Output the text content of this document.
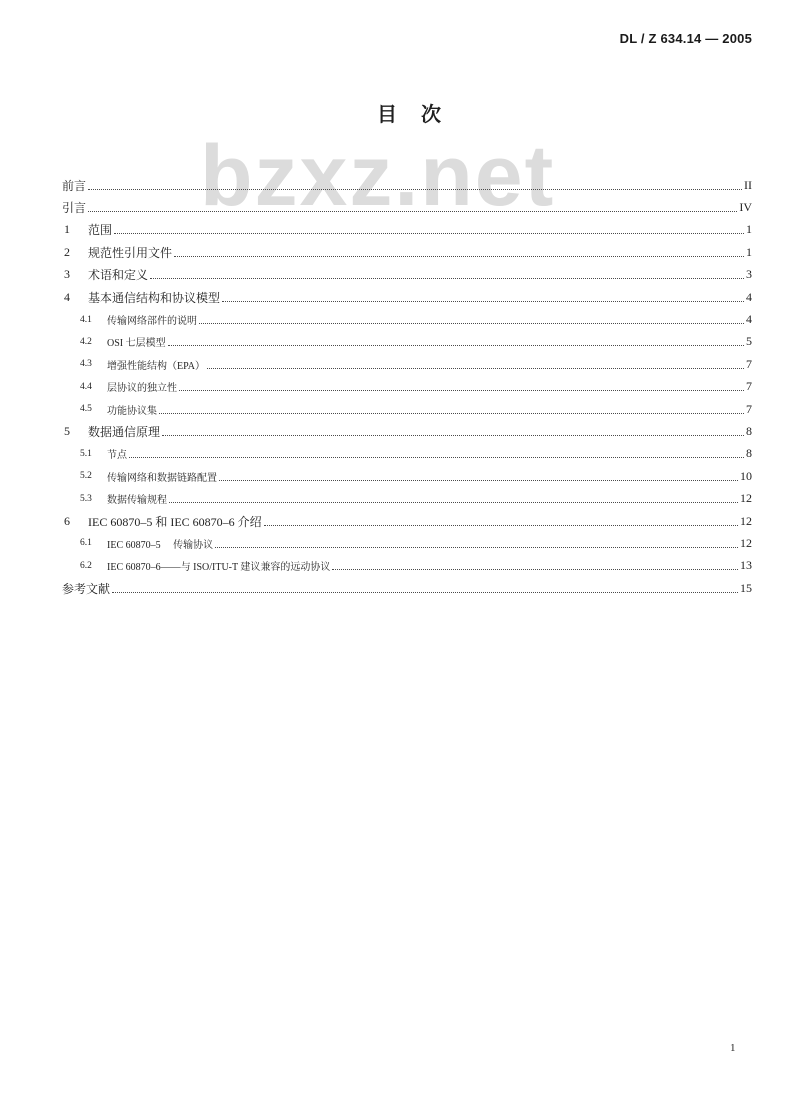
DL / Z 634.14 — 2005
bzxz.net
目　次
前言	II
引言	IV
1	范围	1
2	规范性引用文件	1
3	术语和定义	3
4	基本通信结构和协议模型	4
4.1	传输网络部件的说明	4
4.2	OSI 七层模型	5
4.3	增强性能结构（EPA）	7
4.4	层协议的独立性	7
4.5	功能协议集	7
5	数据通信原理	8
5.1	节点	8
5.2	传输网络和数据链路配置	10
5.3	数据传输规程	12
6	IEC 60870–5 和 IEC 60870–6 介绍	12
6.1	IEC 60870–5　 传输协议	12
6.2	IEC 60870–6——与 ISO/ITU-T 建议兼容的远动协议	13
参考文献	15
1
